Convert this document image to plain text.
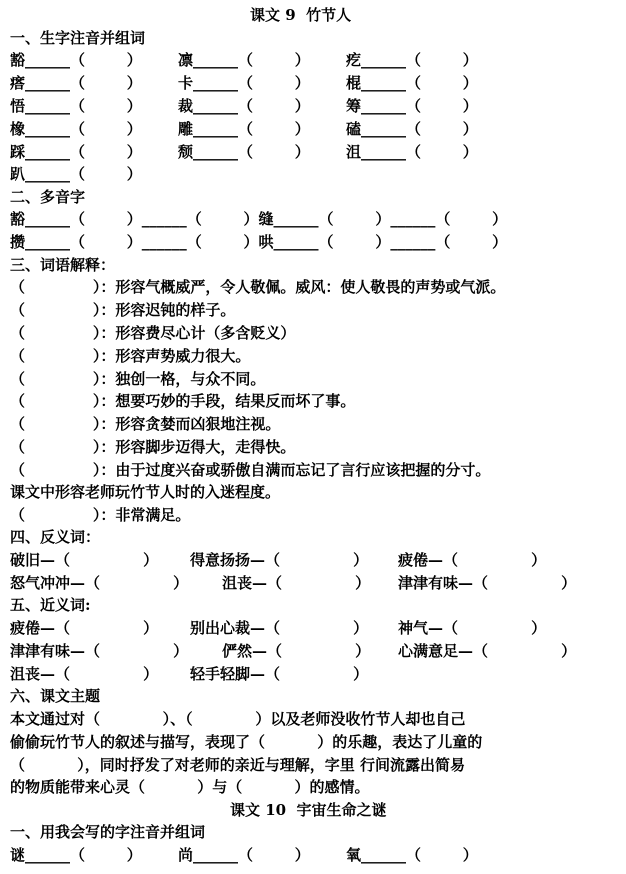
课文 9  竹节人
一、生字注音并组词
豁______（        ） 凛______（        ） 疙______（        ）
瘩______（        ） 卡______（        ） 棍______（        ）
悟______（        ） 裁______（        ） 筹______（        ）
橡______（        ） 雕______（        ） 磕______（        ）
踩______（        ） 颓______（        ） 沮______（        ）
趴______（        ）
二、多音字
豁______（        ）______（        ）缝______（        ）______（        ）
攒______（        ）______（        ）哄______（        ）______（        ）
三、词语解释：
（             ）：形容气概威严，令人敬佩。威风：使人敬畏的声势或气派。
（             ）：形容迟钝的样子。
（             ）：形容费尽心计（多含贬义）
（             ）：形容声势威力很大。
（             ）：独创一格，与众不同。
（             ）：想要巧妙的手段，结果反而坏了事。
（             ）：形容贪婪而凶狠地注视。
（             ）：形容脚步迈得大，走得快。
（             ）：由于过度兴奋或骄傲自满而忘记了言行应该把握的分寸。
课文中形容老师玩竹节人时的入迷程度。
（             ）：非常满足。
四、反义词：
破旧—（              ） 得意扬扬—（              ） 疲倦—（              ）
怒气冲冲—（              ） 沮丧—（              ） 津津有味—（              ）
五、近义词:
疲倦—（              ） 别出心裁—（              ） 神气—（              ）
津津有味—（              ） 俨然—（              ） 心满意足—（              ）
沮丧—（              ） 轻手轻脚—（              ）
六、课文主题
本文通过对（            ）、（            ）以及老师没收竹节人却也自己
偷偷玩竹节人的叙述与描写，表现了（          ）的乐趣，表达了儿童的
（          ），同时抒发了对老师的亲近与理解，字里 行间流露出简易
的物质能带来心灵（          ）与（          ）的感情。
课文 10  宇宙生命之谜
一、用我会写的字注音并组词
谜______（        ） 尚______（        ） 氧______（        ）
